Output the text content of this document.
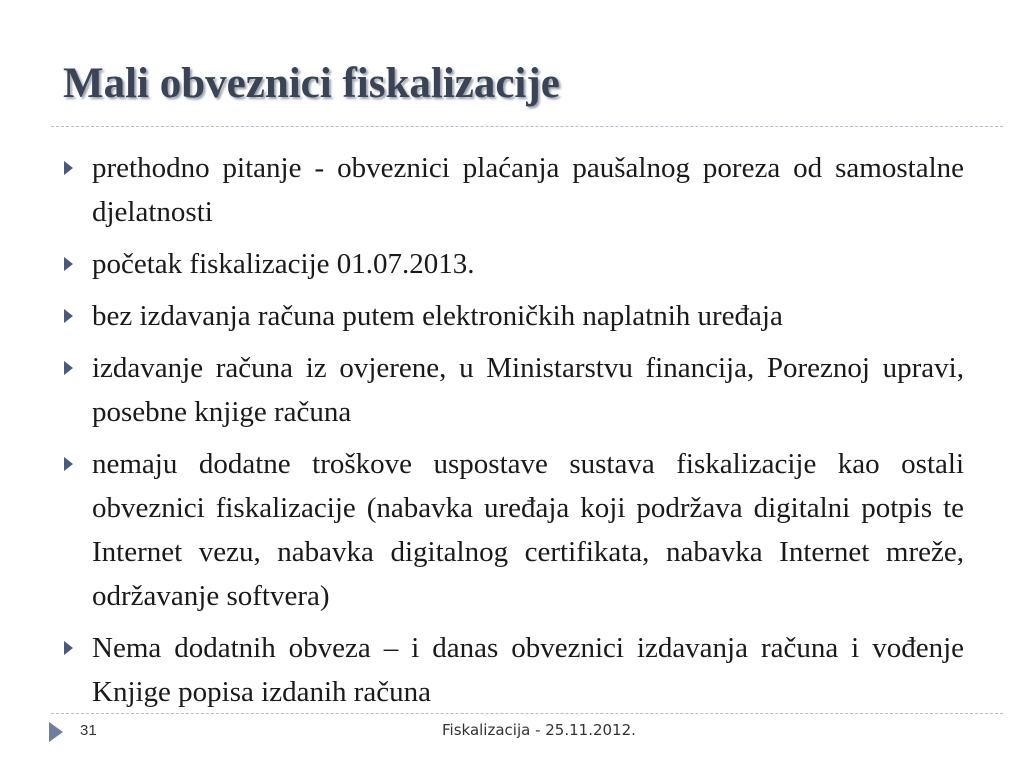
Mali obveznici fiskalizacije
prethodno pitanje - obveznici plaćanja paušalnog poreza od samostalne djelatnosti
početak fiskalizacije 01.07.2013.
bez izdavanja računa putem elektroničkih naplatnih uređaja
izdavanje računa iz ovjerene, u Ministarstvu financija, Poreznoj upravi, posebne knjige računa
nemaju dodatne troškove uspostave sustava fiskalizacije kao ostali obveznici fiskalizacije (nabavka uređaja koji podržava digitalni potpis te Internet vezu, nabavka digitalnog certifikata, nabavka Internet mreže, održavanje softvera)
Nema dodatnih obveza – i danas obveznici izdavanja računa i vođenje Knjige popisa izdanih računa
31	Fiskalizacija - 25.11.2012.
